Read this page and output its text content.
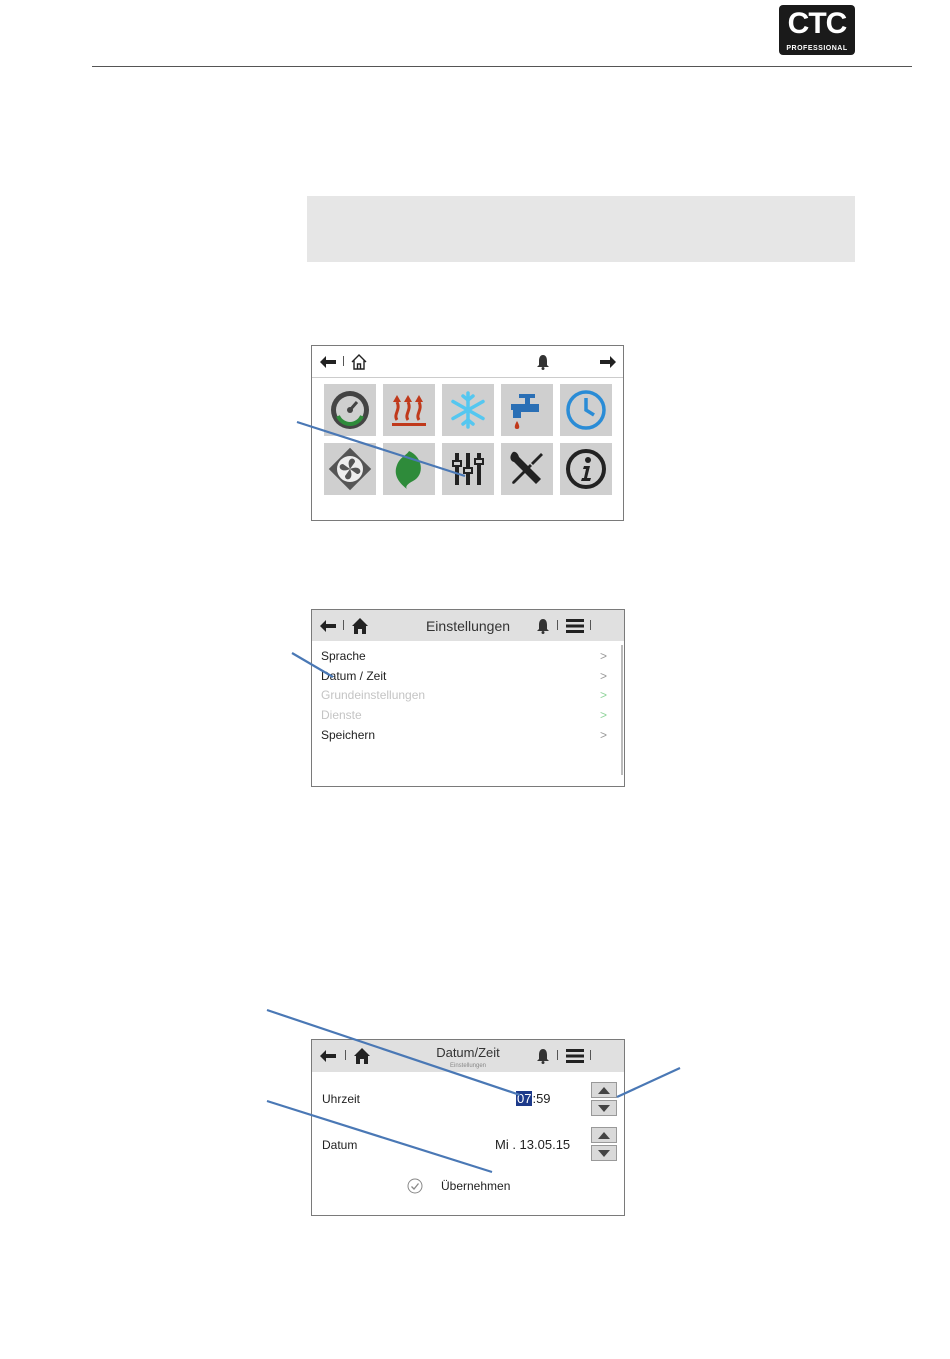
CTC
PROFESSIONAL
Einstellungen
Sprache	>
Datum / Zeit	>
Grundeinstellungen	>
Dienste	>
Speichern	>
Datum/Zeit
Einstellungen
Uhrzeit	07:59
Datum	Mi . 13.05.15
Übernehmen
